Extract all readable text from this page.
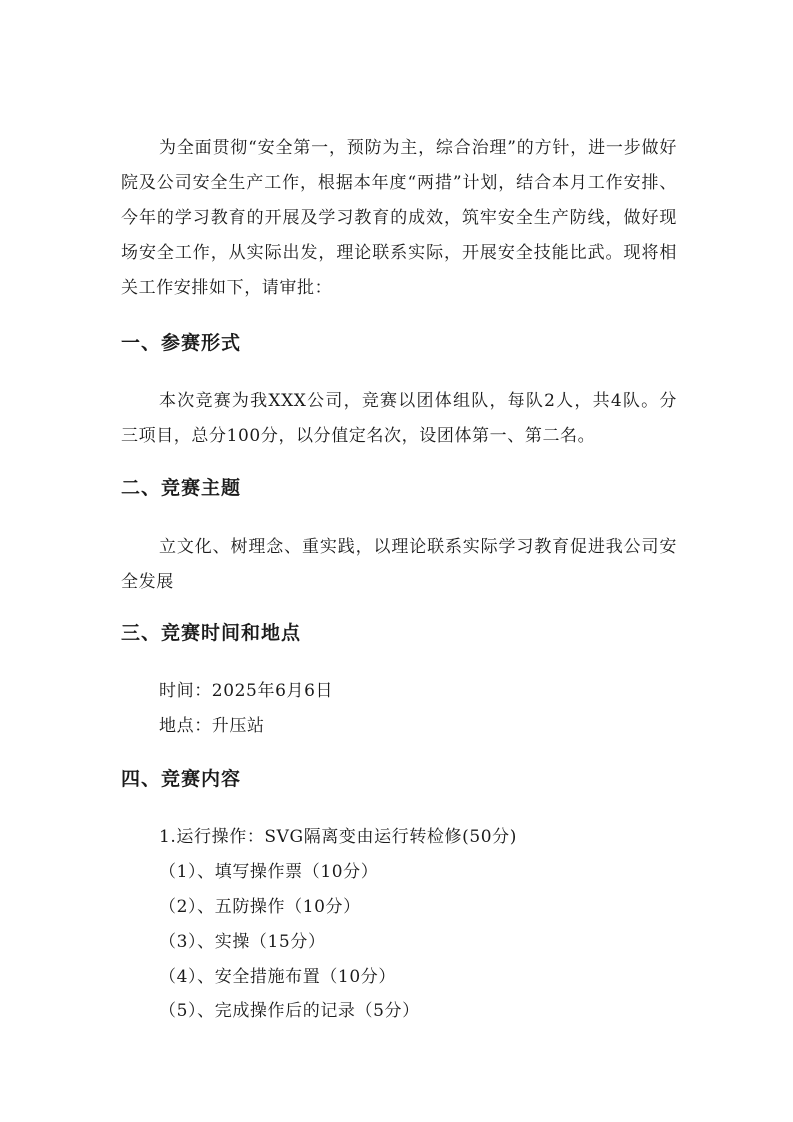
为全面贯彻“安全第一，预防为主，综合治理”的方针，进一步做好院及公司安全生产工作，根据本年度“两措”计划，结合本月工作安排、今年的学习教育的开展及学习教育的成效，筑牢安全生产防线，做好现场安全工作，从实际出发，理论联系实际，开展安全技能比武。现将相关工作安排如下，请审批：

一、参赛形式

本次竞赛为我XXX公司，竞赛以团体组队，每队2人，共4队。分三项目，总分100分，以分值定名次，设团体第一、第二名。

二、竞赛主题

立文化、树理念、重实践，以理论联系实际学习教育促进我公司安全发展

三、竞赛时间和地点

时间：2025年6月6日

地点：升压站

四、竞赛内容

1.运行操作：SVG隔离变由运行转检修(50分)

（1）、填写操作票（10分）

（2）、五防操作（10分）

（3）、实操（15分）

（4）、安全措施布置（10分）

（5）、完成操作后的记录（5分）
